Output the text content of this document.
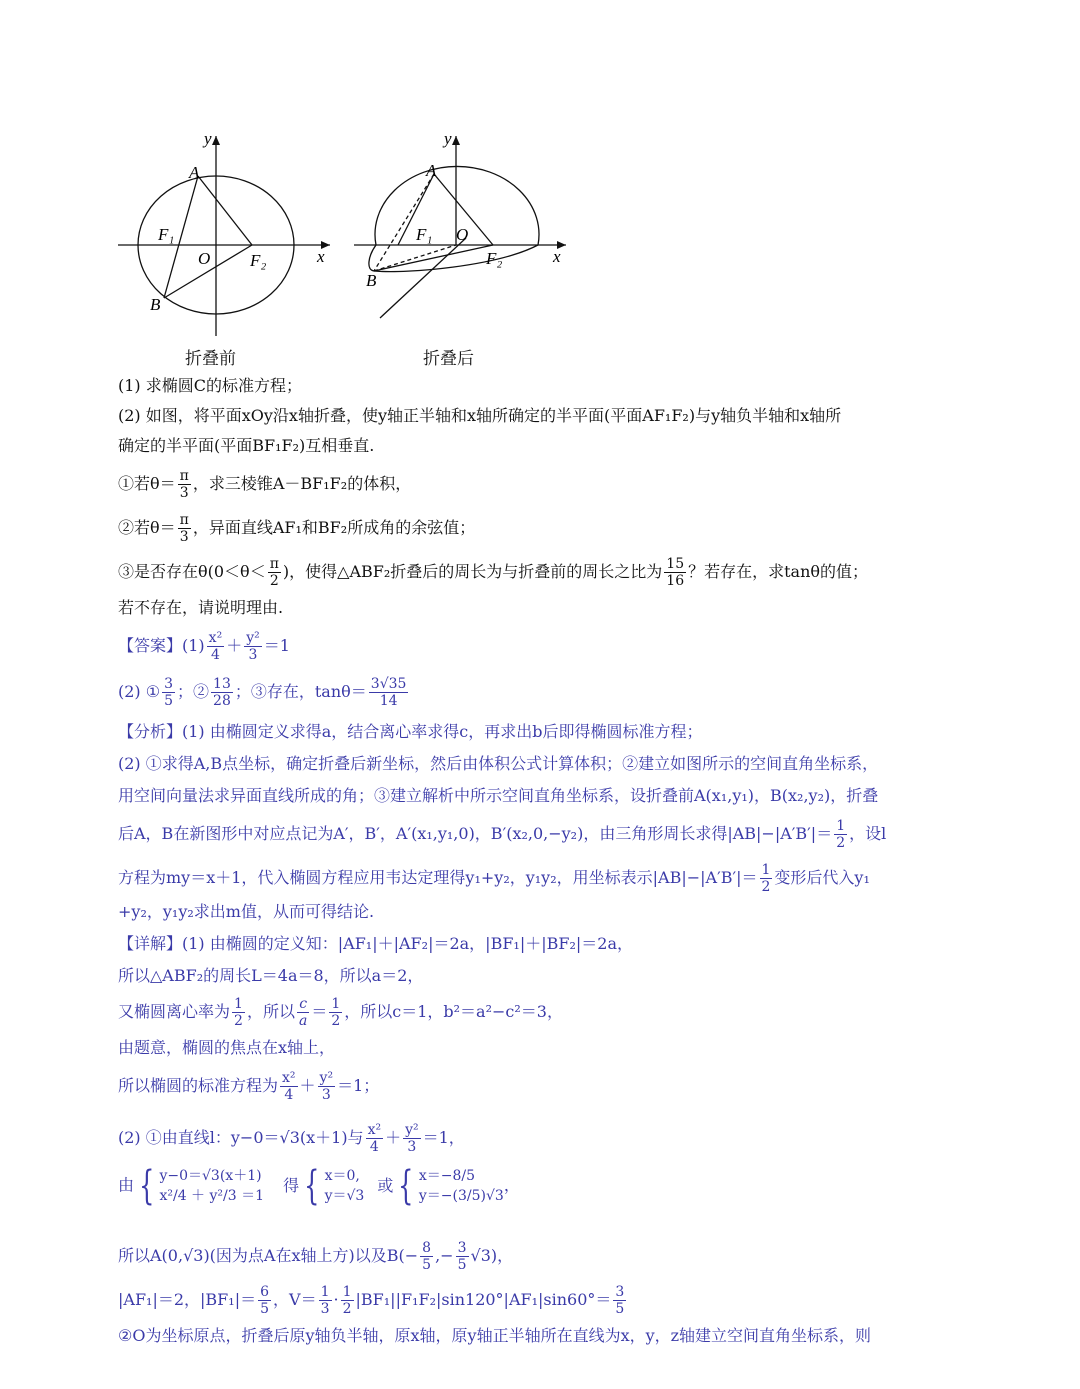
y
x
A
B
O
F₁
F₂
折叠前
y
x
A
B
O
F₁
F₂
折叠后
(1) 求椭圆C的标准方程；
(2) 如图，将平面xOy沿x轴折叠，使y轴正半轴和x轴所确定的半平面(平面AF₁F₂)与y轴负半轴和x轴所
确定的半平面(平面BF₁F₂)互相垂直.
①若$\theta= \frac{\pi}{3}$ ，求三棱锥A－BF₁F₂的体积，
②若$\theta= \frac{\pi}{3}$ ，异面直线AF₁和BF₂所成角的余弦值；
③是否存在$\theta(0<\theta< \frac{\pi}{2}$ )，使得△ABF₂折叠后的周长为与折叠前的周长之比为 $\frac{15}{16}$ ？若存在，求tanθ的值；
若不存在，请说明理由.
【答案】$(1) \frac{\text{x²}}{4} + \frac{\text{y²}}{3} =1$
(2) ① $\frac{3}{5}$ ；② $\frac{13}{28}$ ；③存在，$\tan\theta= \frac{3√35}{14}$
【分析】(1) 由椭圆定义求得a，结合离心率求得c，再求出b后即得椭圆标准方程；
(2) ①求得A,B点坐标，确定折叠后新坐标，然后由体积公式计算体积；②建立如图所示的空间直角坐标系，
用空间向量法求异面直线所成的角；③建立解析中所示空间直角坐标系，设折叠前A(x₁,y₁)，B(x₂,y₂)，折叠
后A，B在新图形中对应点记为A′，B′，A′(x₁,y₁,0)，B′(x₂,0,−y₂)，由三角形周长求得$|AB|-|A'B'|= \frac{1}{2}$ ，设l
方程为my＝x＋1，代入椭圆方程应用韦达定理得y₁+y₂，y₁y₂，用坐标表示$|AB|-|A'B'|= \frac{1}{2}$ 变形后代入y₁
+y₂，y₁y₂求出m值，从而可得结论.
【详解】(1) 由椭圆的定义知：|AF₁|＋|AF₂|＝2a，|BF₁|＋|BF₂|＝2a，
所以△ABF₂的周长L＝4a＝8，所以a＝2，
又椭圆离心率为 $\frac{1}{2}$ ，所以 $\frac{c}{a} = \frac{1}{2}$ ，所以c＝1，b²＝a²−c²＝3，
由题意，椭圆的焦点在x轴上，
所以椭圆的标准方程为 $\frac{\text{x²}}{4} + \frac{\text{y²}}{3} =1$；
(2) ①由直线l：y−0＝√3(x＋1)与 $\frac{\text{x²}}{4} + \frac{\text{y²}}{3} =1$，
由 { y−0＝√3(x＋1)
x²/4 ＋ y²/3 ＝1
得 { x＝0,
y＝√3
或 { x＝−8/5
y＝−(3/5)√3
，
所以A(0,√3)(因为点A在x轴上方)以及$B(- \frac{8}{5}$ ,− $\frac{3}{5} √3$)，
|AF₁|＝2，$|BF_1|= \frac{6}{5}$ ，$V= \frac{1}{3} \cdot \frac{1}{2} |BF_1||F_1F_2|\sin 120^\circ|AF_1|\sin 60^\circ= \frac{3}{5}$
②O为坐标原点，折叠后原y轴负半轴，原x轴，原y轴正半轴所在直线为x，y，z轴建立空间直角坐标系，则
